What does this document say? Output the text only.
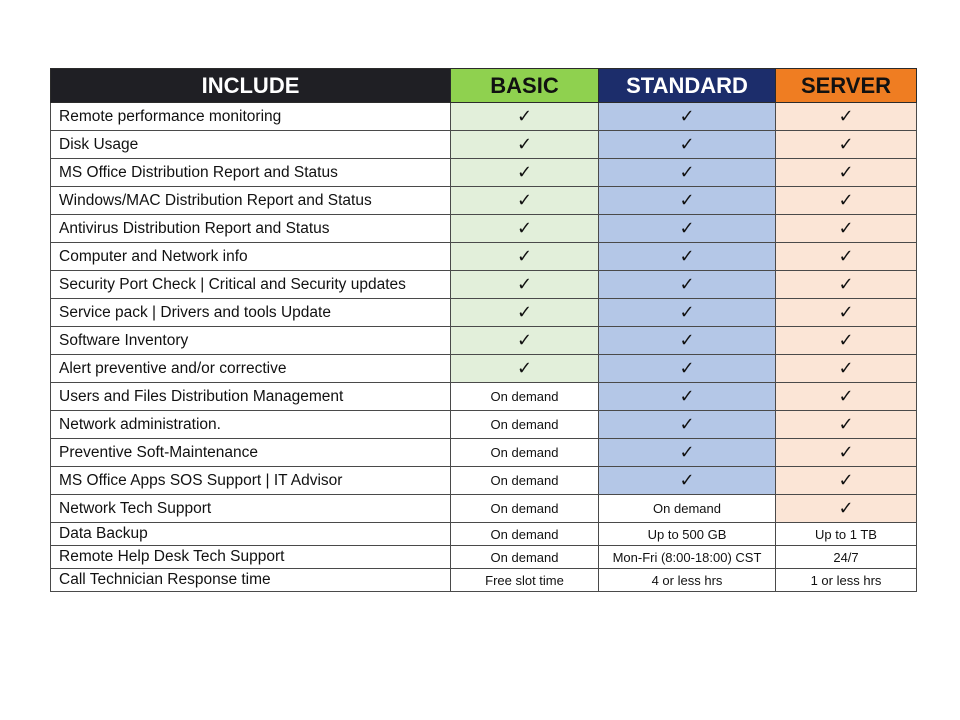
INCLUDE	BASIC	STANDARD	SERVER
Remote performance monitoring	✓	✓	✓
Disk Usage	✓	✓	✓
MS Office Distribution Report and Status	✓	✓	✓
Windows/MAC Distribution Report and Status	✓	✓	✓
Antivirus Distribution Report and Status	✓	✓	✓
Computer and Network info	✓	✓	✓
Security Port Check | Critical and Security updates	✓	✓	✓
Service pack | Drivers and tools Update	✓	✓	✓
Software Inventory	✓	✓	✓
Alert preventive and/or corrective	✓	✓	✓
Users and Files Distribution Management	On demand	✓	✓
Network administration.	On demand	✓	✓
Preventive Soft-Maintenance	On demand	✓	✓
MS Office Apps SOS Support | IT Advisor	On demand	✓	✓
Network Tech Support	On demand	On demand	✓
Data Backup	On demand	Up to 500 GB	Up to 1 TB
Remote Help Desk Tech Support	On demand	Mon-Fri (8:00-18:00) CST	24/7
Call Technician Response time	Free slot time	4 or less hrs	1 or less hrs
